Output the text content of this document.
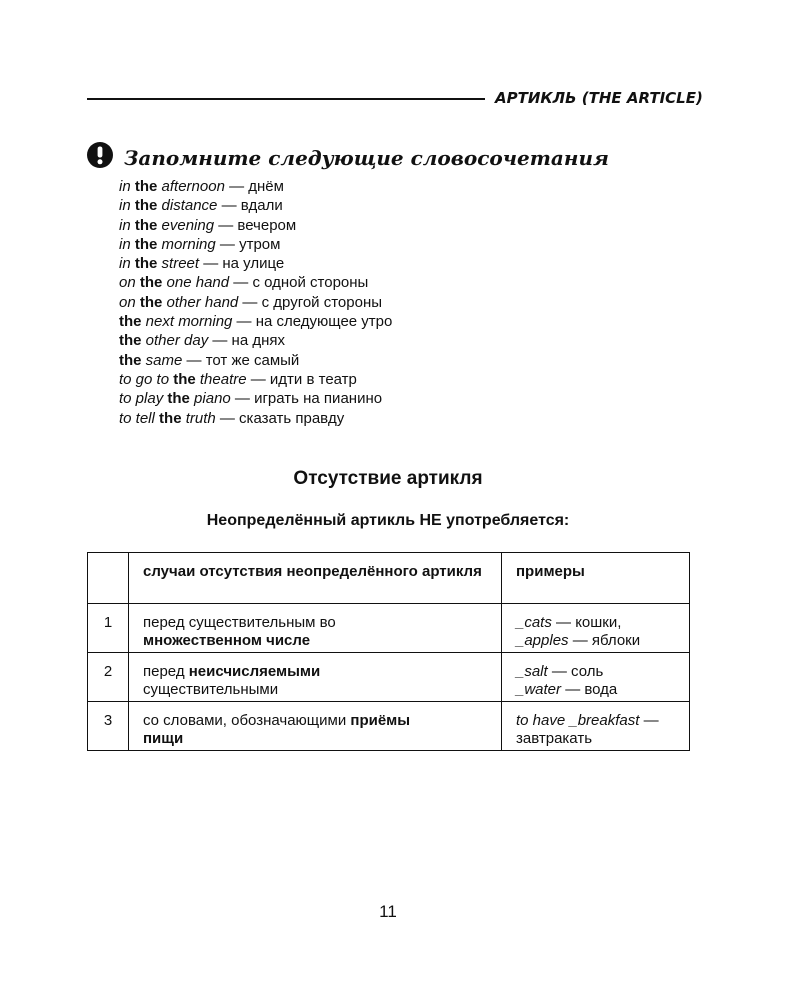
АРТИКЛЬ (THE ARTICLE)
Запомните следующие словосочетания
in the afternoon — днём
in the distance — вдали
in the evening — вечером
in the morning — утром
in the street — на улице
on the one hand — с одной стороны
on the other hand — с другой стороны
the next morning — на следующее утро
the other day — на днях
the same — тот же самый
to go to the theatre — идти в театр
to play the piano — играть на пианино
to tell the truth — сказать правду
Отсутствие артикля
Неопределённый артикль НЕ употребляется:
	случаи отсутствия неопределённого артикля	примеры
1	перед существительным во
множественном числе	_cats — кошки,
_apples — яблоки
2	перед неисчисляемыми
существительными	_salt — соль
_water — вода
3	со словами, обозначающими приёмы
пищи	to have _breakfast —
завтракать
11
